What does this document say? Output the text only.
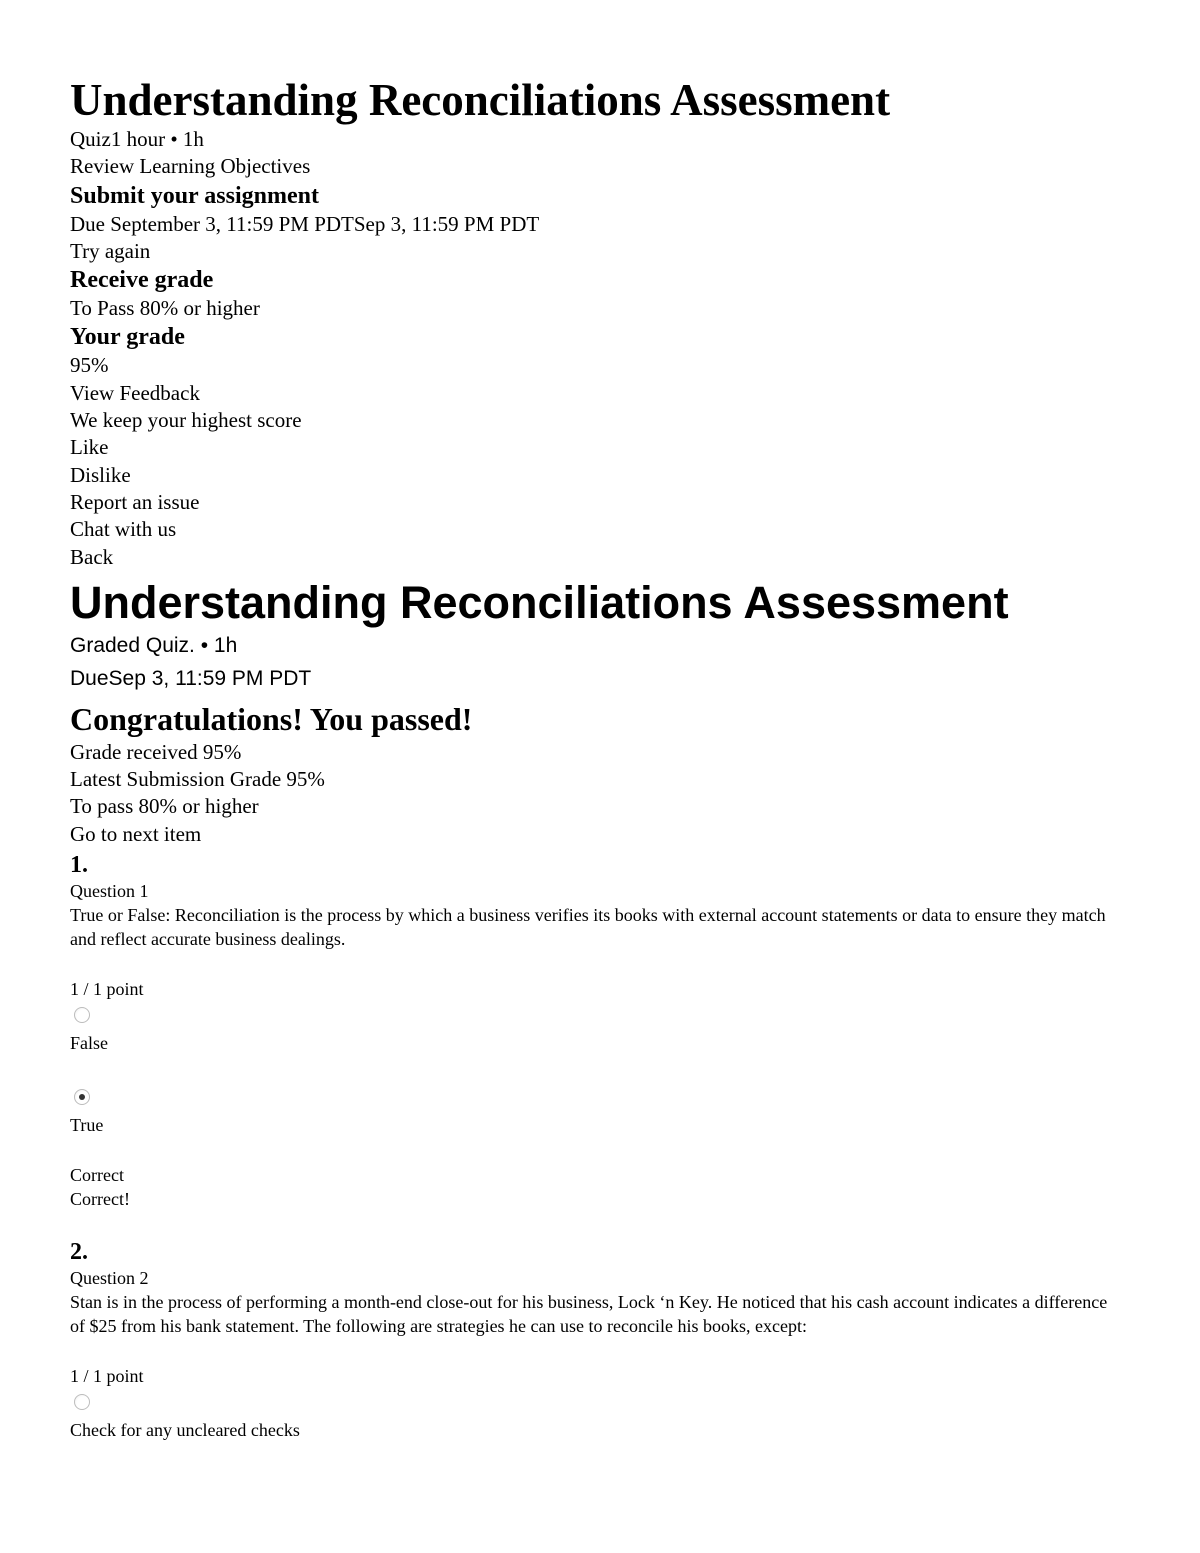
Understanding Reconciliations Assessment
Quiz1 hour • 1h
Review Learning Objectives
Submit your assignment
Due September 3, 11:59 PM PDTSep 3, 11:59 PM PDT
Try again
Receive grade
To Pass 80% or higher
Your grade
95%
View Feedback
We keep your highest score
Like
Dislike
Report an issue
Chat with us
Back
Understanding Reconciliations Assessment
Graded Quiz. • 1h
DueSep 3, 11:59 PM PDT
Congratulations! You passed!
Grade received 95%
Latest Submission Grade 95%
To pass 80% or higher
Go to next item
1.
Question 1
True or False: Reconciliation is the process by which a business verifies its books with external account statements or data to ensure they match and reflect accurate business dealings.
1 / 1 point
False
True
Correct
Correct!
2.
Question 2
Stan is in the process of performing a month-end close-out for his business, Lock ‘n Key. He noticed that his cash account indicates a difference of $25 from his bank statement. The following are strategies he can use to reconcile his books, except:
1 / 1 point
Check for any uncleared checks
